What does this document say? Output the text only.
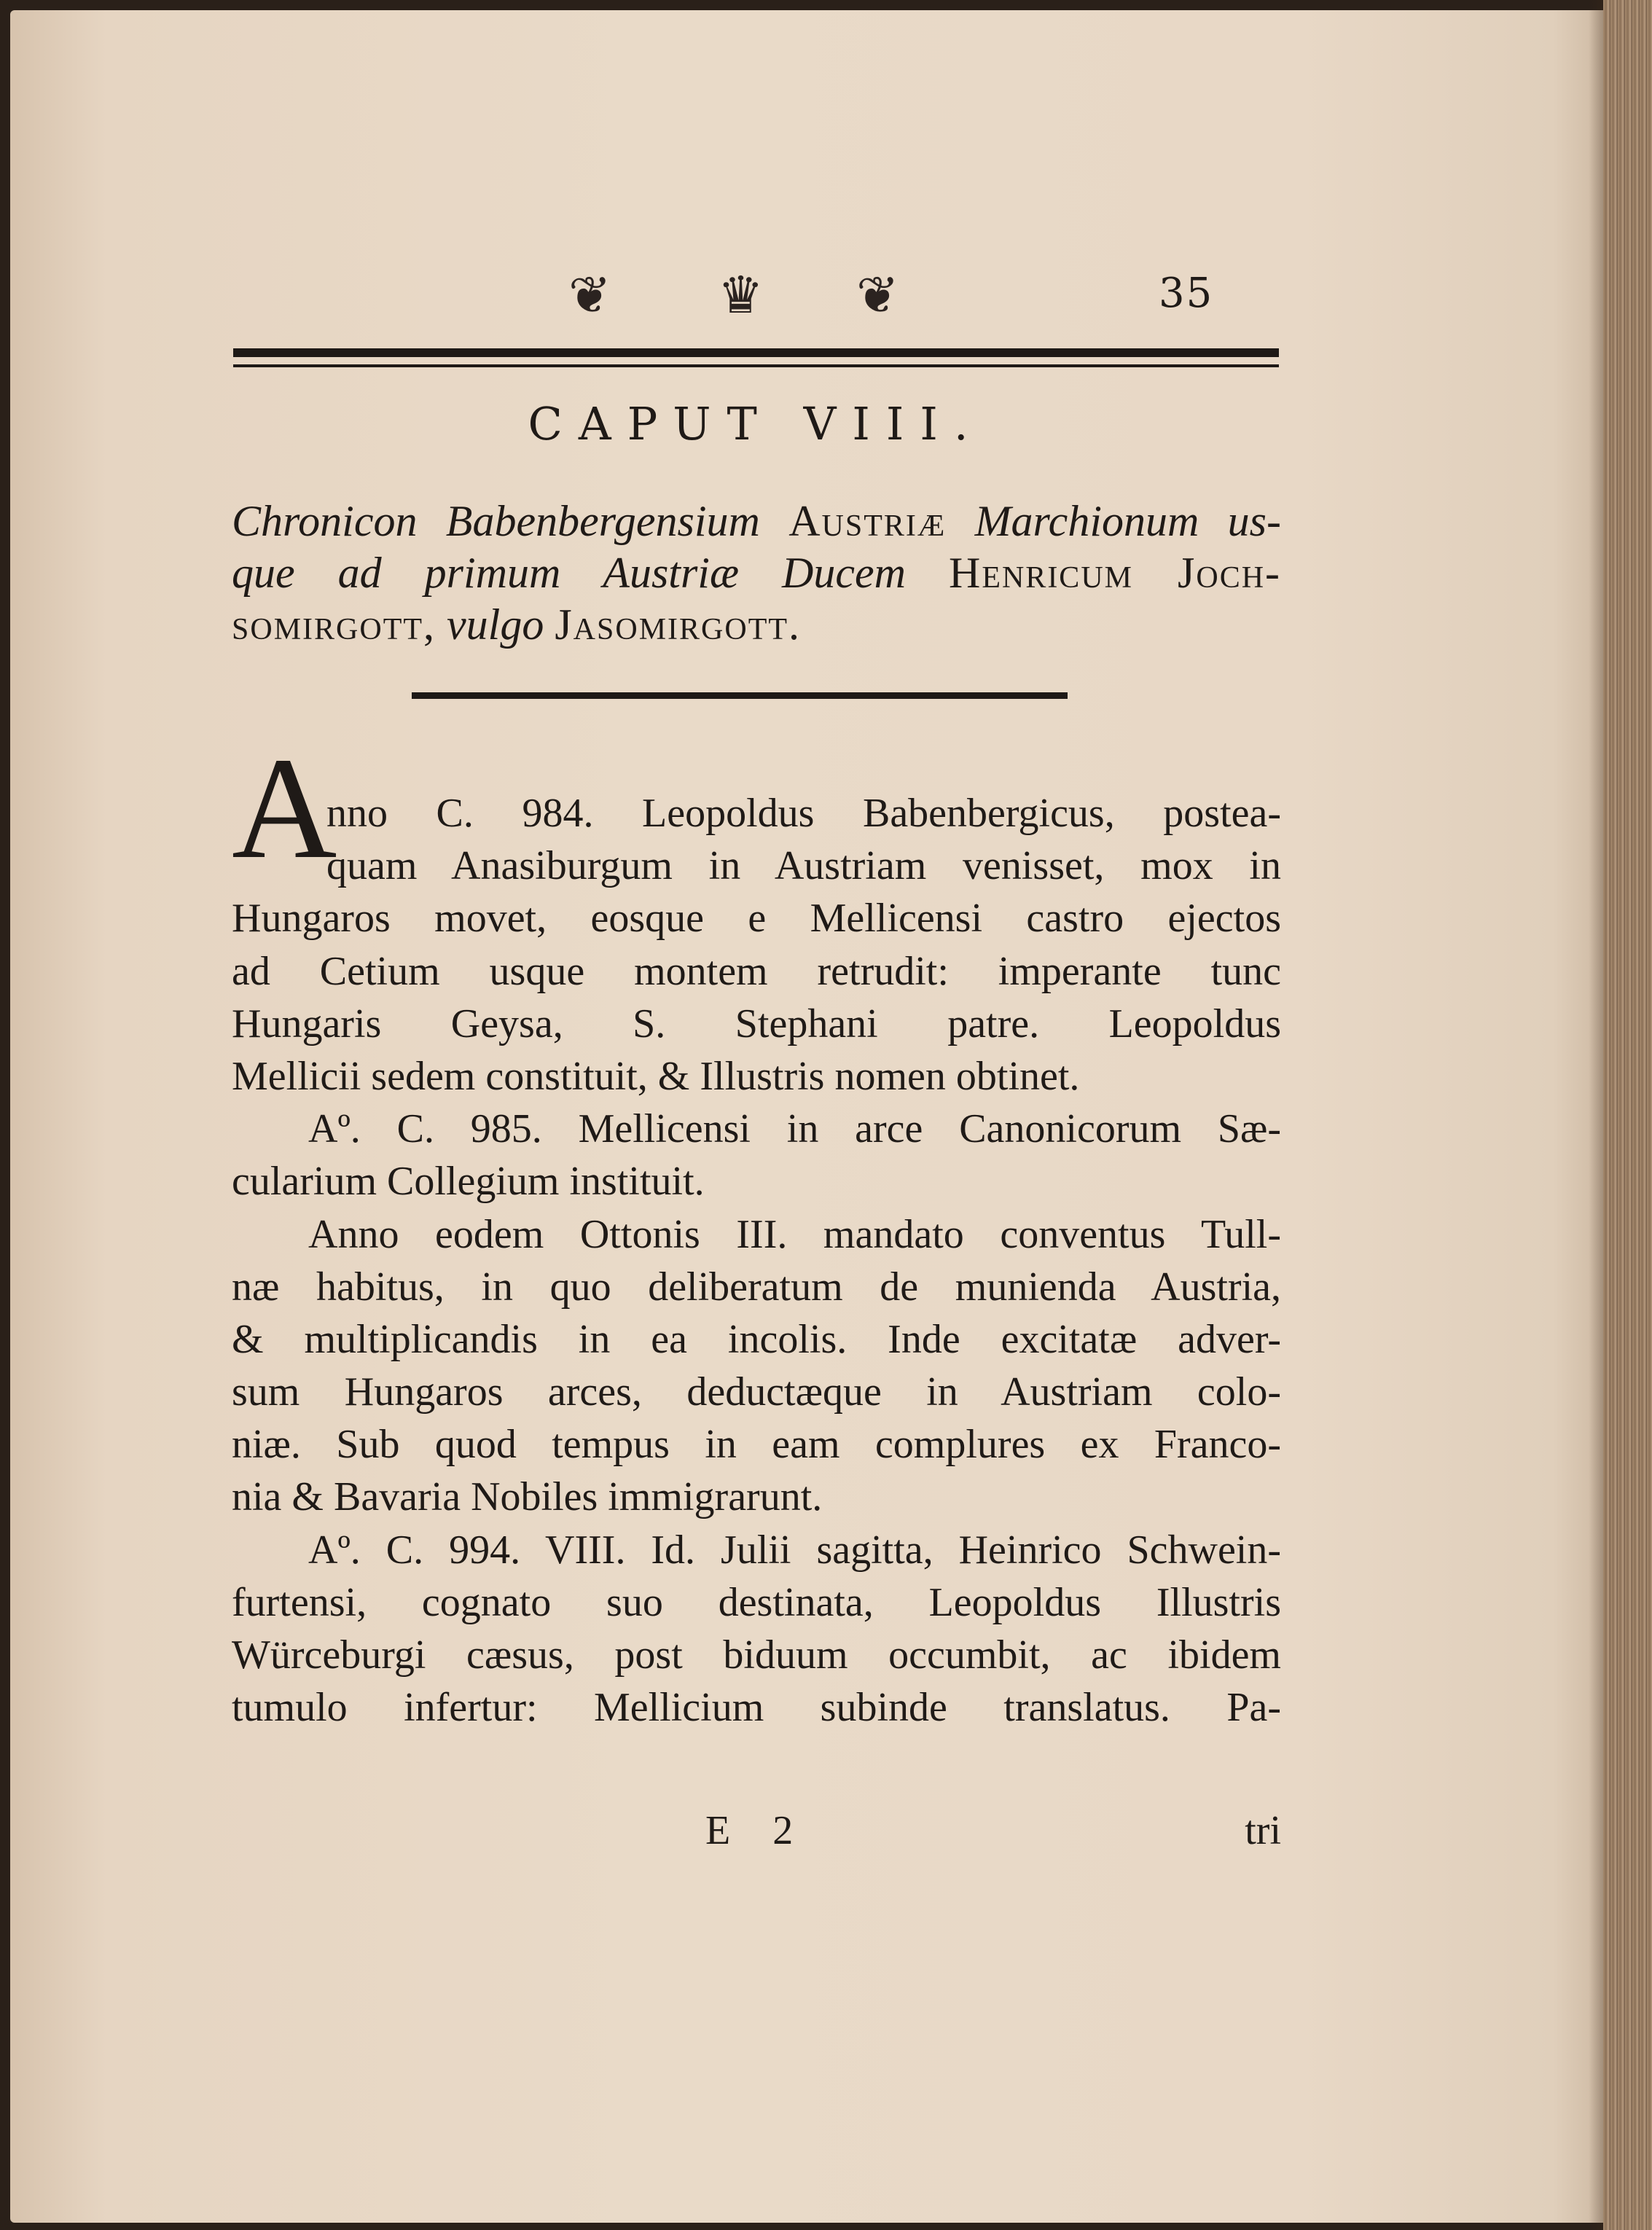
❦ ♛ ❦	35
CAPUT VIII.
Chronicon Babenbergensium Austriæ Marchionum us- que ad primum Austriæ Ducem Henricum Joch- somirgott, vulgo Jasomirgott.
A
nno C. 984. Leopoldus Babenbergicus, postea-
quam Anasiburgum in Austriam venisset, mox in
Hungaros movet, eosque e Mellicensi castro ejectos
ad Cetium usque montem retrudit: imperante tunc
Hungaris Geysa, S. Stephani patre. Leopoldus
Mellicii sedem constituit, & Illustris nomen obtinet.
Aº. C. 985. Mellicensi in arce Canonicorum Sæ-
cularium Collegium instituit.
Anno eodem Ottonis III. mandato conventus Tull-
næ habitus, in quo deliberatum de munienda Austria,
& multiplicandis in ea incolis. Inde excitatæ adver-
sum Hungaros arces, deductæque in Austriam colo-
niæ. Sub quod tempus in eam complures ex Franco-
nia & Bavaria Nobiles immigrarunt.
Aº. C. 994. VIII. Id. Julii sagitta, Heinrico Schwein-
furtensi, cognato suo destinata, Leopoldus Illustris
Würceburgi cæsus, post biduum occumbit, ac ibidem
tumulo infertur: Mellicium subinde translatus. Pa-
E 2	tri
